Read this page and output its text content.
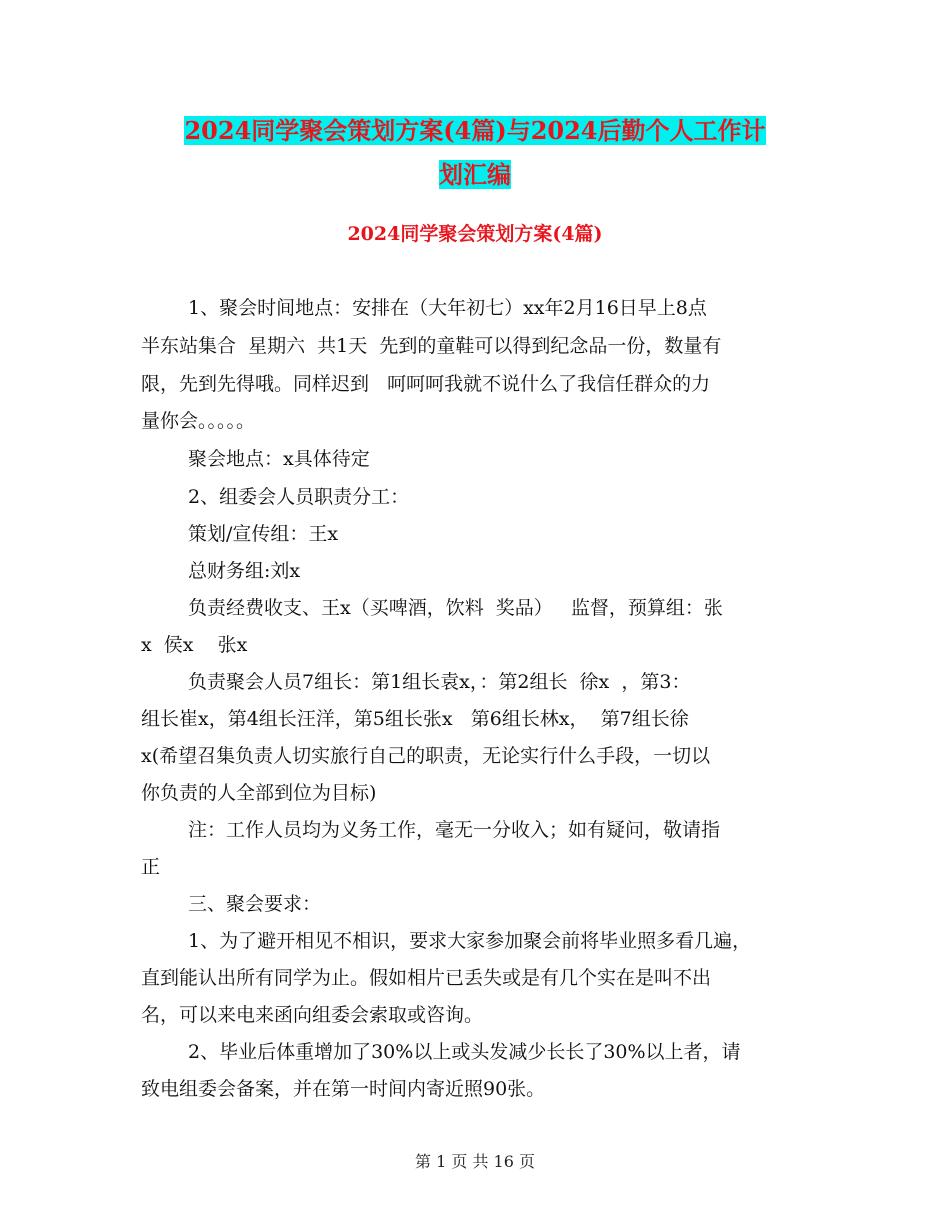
2024同学聚会策划方案(4篇)与2024后勤个人工作计
划汇编
2024同学聚会策划方案(4篇)
1、聚会时间地点：安排在（大年初七）xx年2月16日早上8点
半东站集合  星期六  共1天  先到的童鞋可以得到纪念品一份，数量有
限，先到先得哦。同样迟到   呵呵呵我就不说什么了我信任群众的力
量你会。。。。。
聚会地点：x具体待定
2、组委会人员职责分工：
策划/宣传组：王x
总财务组:刘x
负责经费收支、王x（买啤酒，饮料  奖品）   监督，预算组：张
x  侯x    张x
负责聚会人员7组长：第1组长袁x，：第2组长  徐x  ，第3：
组长崔x，第4组长汪洋，第5组长张x   第6组长林x，  第7组长徐
x(希望召集负责人切实旅行自己的职责，无论实行什么手段，一切以
你负责的人全部到位为目标)
注：工作人员均为义务工作，毫无一分收入；如有疑问，敬请指
正
三、聚会要求：
1、为了避开相见不相识，要求大家参加聚会前将毕业照多看几遍，
直到能认出所有同学为止。假如相片已丢失或是有几个实在是叫不出
名，可以来电来函向组委会索取或咨询。
2、毕业后体重增加了30%以上或头发减少长长了30%以上者，请
致电组委会备案，并在第一时间内寄近照90张。
第 1 页 共 16 页
